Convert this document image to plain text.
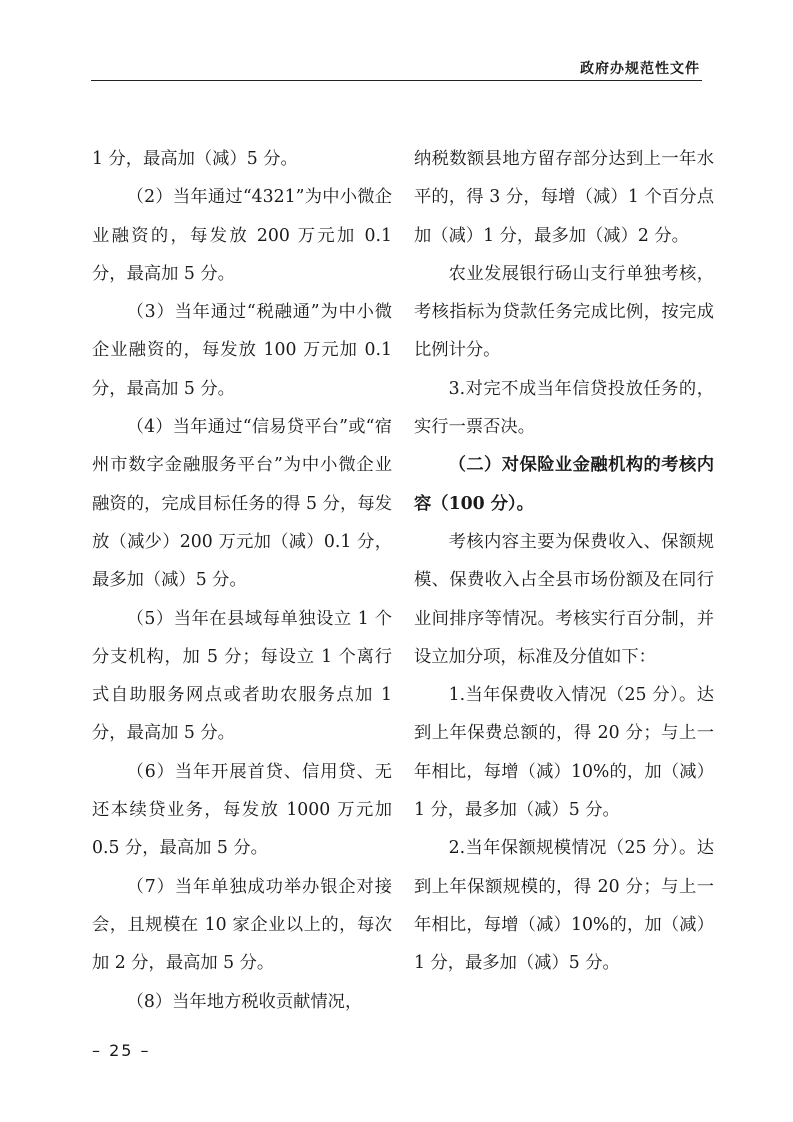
政府办规范性文件

1 分，最高加（减）5 分。

（2）当年通过“4321”为中小微企业融资的，每发放 200 万元加 0.1 分，最高加 5 分。

（3）当年通过“税融通”为中小微企业融资的，每发放 100 万元加 0.1 分，最高加 5 分。

（4）当年通过“信易贷平台”或“宿州市数字金融服务平台”为中小微企业融资的，完成目标任务的得 5 分，每发放（减少）200 万元加（减）0.1 分，最多加（减）5 分。

（5）当年在县域每单独设立 1 个分支机构，加 5 分；每设立 1 个离行式自助服务网点或者助农服务点加 1 分，最高加 5 分。

（6）当年开展首贷、信用贷、无还本续贷业务，每发放 1000 万元加 0.5 分，最高加 5 分。

（7）当年单独成功举办银企对接会，且规模在 10 家企业以上的，每次加 2 分，最高加 5 分。

（8）当年地方税收贡献情况，

纳税数额县地方留存部分达到上一年水平的，得 3 分，每增（减）1 个百分点加（减）1 分，最多加（减）2 分。

农业发展银行砀山支行单独考核，考核指标为贷款任务完成比例，按完成比例计分。

3.对完不成当年信贷投放任务的，实行一票否决。

（二）对保险业金融机构的考核内容（100 分）。

考核内容主要为保费收入、保额规模、保费收入占全县市场份额及在同行业间排序等情况。考核实行百分制，并设立加分项，标准及分值如下：

1.当年保费收入情况（25 分）。达到上年保费总额的，得 20 分；与上一年相比，每增（减）10%的，加（减）1 分，最多加（减）5 分。

2.当年保额规模情况（25 分）。达到上年保额规模的，得 20 分；与上一年相比，每增（减）10%的，加（减）1 分，最多加（减）5 分。

– 25 –
